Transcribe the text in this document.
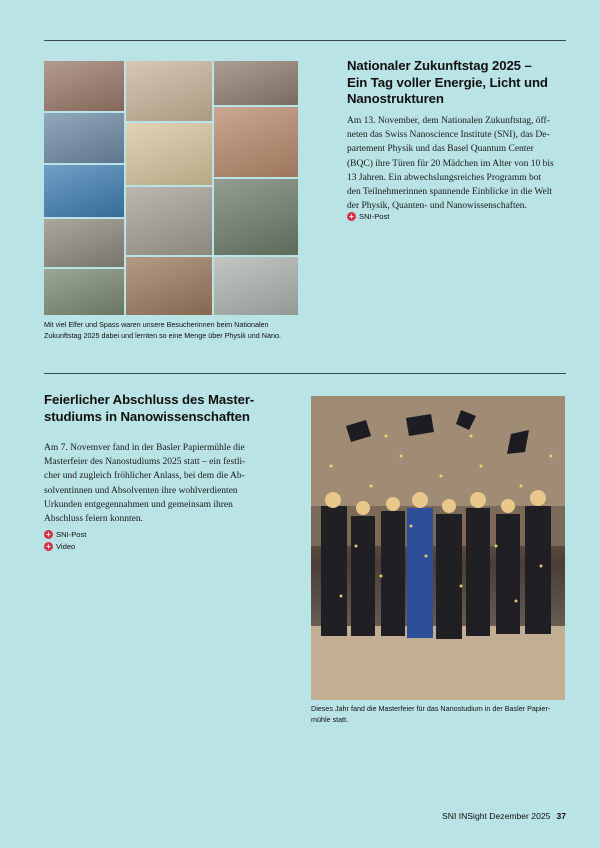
Mit viel Elfer und Spass waren unsere Besucherinnen beim Nationalen
Zukunftstag 2025 dabei und lernten so eine Menge über Physik und Nano.
Nationaler Zukunftstag 2025 –
Ein Tag voller Energie, Licht und
Nanostrukturen
Am 13. November, dem Nationalen Zukunftstag, öff-
neten das Swiss Nanoscience Institute (SNI), das De-
partement Physik und das Basel Quantum Center
(BQC) ihre Türen für 20 Mädchen im Alter von 10 bis
13 Jahren. Ein abwechslungsreiches Programm bot
den Teilnehmerinnen spannende Einblicke in die Welt
der Physik, Quanten- und Nanowissenschaften.
+ SNI-Post
Feierlicher Abschluss des Master-
studiums in Nanowissenschaften
Am 7. Novemver fand in der Basler Papiermühle die
Masterfeier des Nanostudiums 2025 statt – ein festli-
cher und zugleich fröhlicher Anlass, bei dem die Ab-
solventinnen und Absolventen ihre wohlverdienten
Urkunden entgegennahmen und gemeinsam ihren
Abschluss feiern konnten.
+ SNI-Post
+ Video
Dieses Jahr fand die Masterfeier für das Nanostudium in der Basler Papier-
mühle statt.
SNI INSight Dezember 2025 37
